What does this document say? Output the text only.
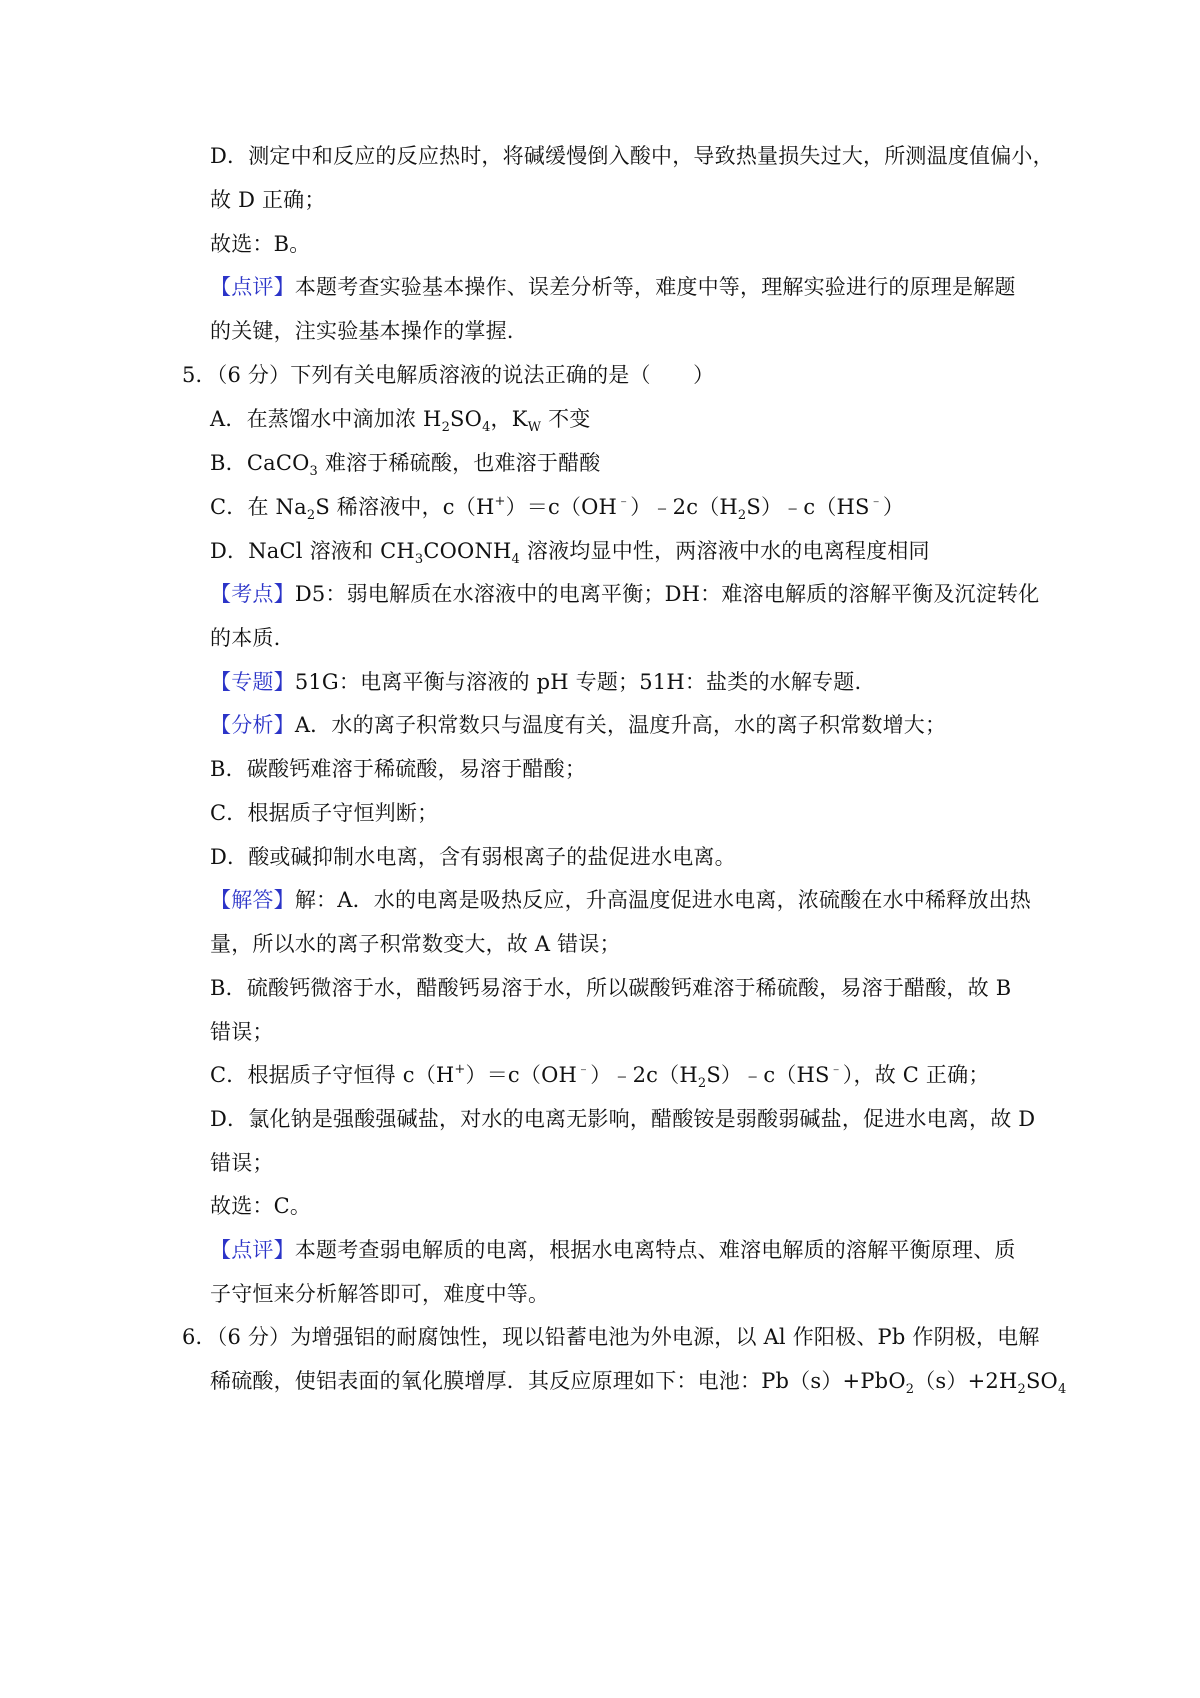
D．测定中和反应的反应热时，将碱缓慢倒入酸中，导致热量损失过大，所测温度值偏小，
故 D 正确；
故选：B。
【点评】本题考查实验基本操作、误差分析等，难度中等，理解实验进行的原理是解题
的关键，注实验基本操作的掌握.
5．（6 分）下列有关电解质溶液的说法正确的是（　　）
A．在蒸馏水中滴加浓 $H_2SO_4$，$K_W$ 不变
B．CaCO$_3$ 难溶于稀硫酸，也难溶于醋酸
C．在 $Na_2S$ 稀溶液中，$c(H^+)=c(OH^﹣)﹣2c(H_2S)﹣c(HS^﹣)$
D．NaCl 溶液和 $CH_3COONH_4$ 溶液均显中性，两溶液中水的电离程度相同
【考点】D5：弱电解质在水溶液中的电离平衡；DH：难溶电解质的溶解平衡及沉淀转化
的本质.
【专题】51G：电离平衡与溶液的 pH 专题；51H：盐类的水解专题.
【分析】A．水的离子积常数只与温度有关，温度升高，水的离子积常数增大；
B．碳酸钙难溶于稀硫酸，易溶于醋酸；
C．根据质子守恒判断；
D．酸或碱抑制水电离，含有弱根离子的盐促进水电离。
【解答】解：A．水的电离是吸热反应，升高温度促进水电离，浓硫酸在水中稀释放出热
量，所以水的离子积常数变大，故 A 错误；
B．硫酸钙微溶于水，醋酸钙易溶于水，所以碳酸钙难溶于稀硫酸，易溶于醋酸，故 B
错误；
C．根据质子守恒得 $c(H^+)=c(OH^﹣)﹣2c(H_2S)﹣c(HS^﹣)$，故 C 正确；
D．氯化钠是强酸强碱盐，对水的电离无影响，醋酸铵是弱酸弱碱盐，促进水电离，故 D
错误；
故选：C。
【点评】本题考查弱电解质的电离，根据水电离特点、难溶电解质的溶解平衡原理、质
子守恒来分析解答即可，难度中等。
6．（6 分）为增强铝的耐腐蚀性，现以铅蓄电池为外电源，以 Al 作阳极、Pb 作阴极，电解
稀硫酸，使铝表面的氧化膜增厚．其反应原理如下：电池：$Pb(s)+PbO_2(s)+2H_2SO_4$
